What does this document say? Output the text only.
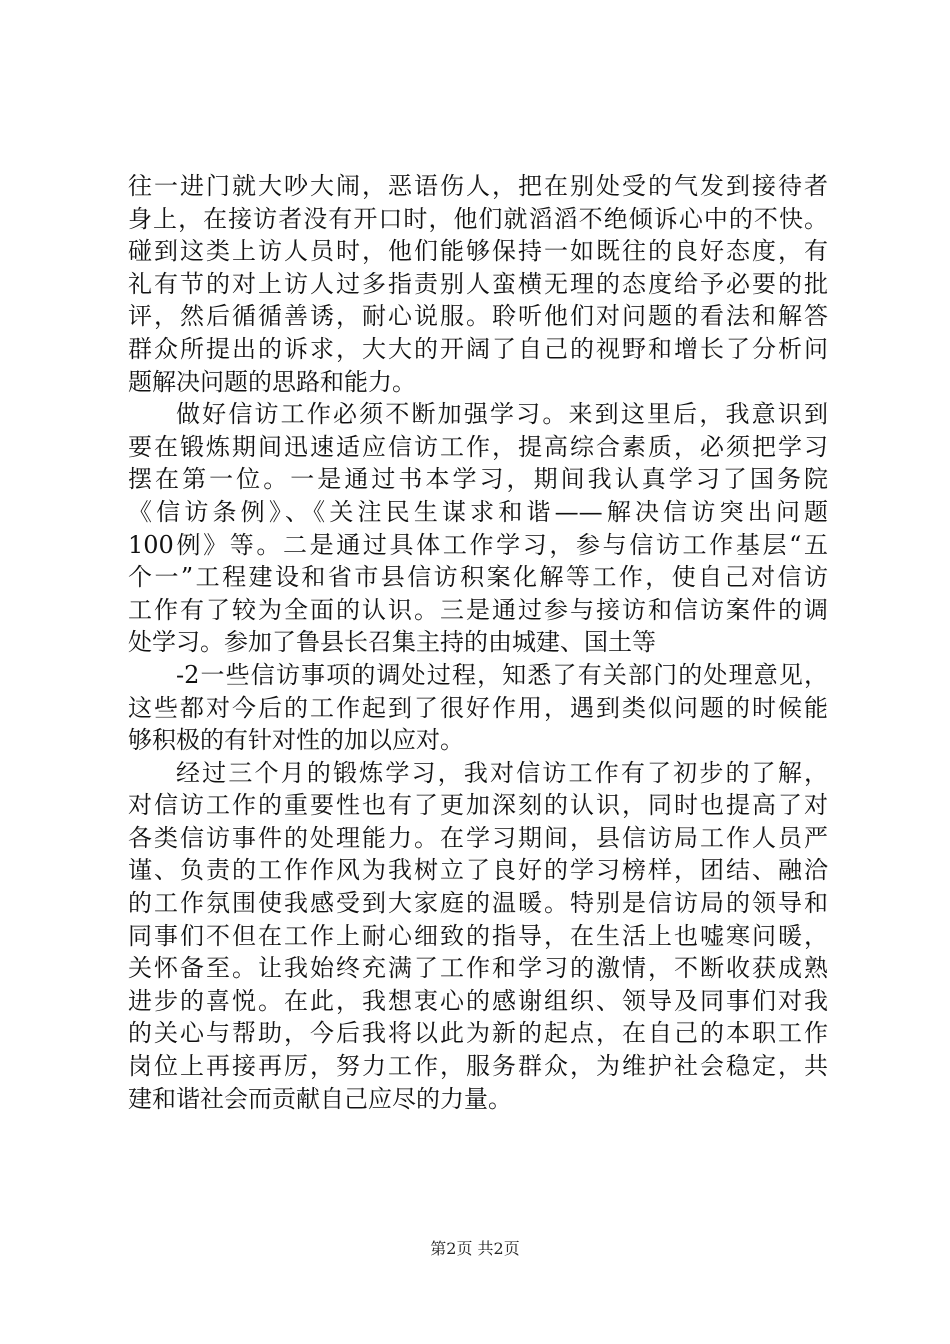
往一进门就大吵大闹，恶语伤人，把在别处受的气发到接待者
身上，在接访者没有开口时，他们就滔滔不绝倾诉心中的不快。
碰到这类上访人员时，他们能够保持一如既往的良好态度，有
礼有节的对上访人过多指责别人蛮横无理的态度给予必要的批
评，然后循循善诱，耐心说服。聆听他们对问题的看法和解答
群众所提出的诉求，大大的开阔了自己的视野和增长了分析问
题解决问题的思路和能力。
做好信访工作必须不断加强学习。来到这里后，我意识到
要在锻炼期间迅速适应信访工作，提高综合素质，必须把学习
摆在第一位。一是通过书本学习，期间我认真学习了国务院
《信访条例》、《关注民生谋求和谐——解决信访突出问题
100例》等。二是通过具体工作学习，参与信访工作基层“五
个一”工程建设和省市县信访积案化解等工作，使自己对信访
工作有了较为全面的认识。三是通过参与接访和信访案件的调
处学习。参加了鲁县长召集主持的由城建、国土等
-2一些信访事项的调处过程，知悉了有关部门的处理意见，
这些都对今后的工作起到了很好作用，遇到类似问题的时候能
够积极的有针对性的加以应对。
经过三个月的锻炼学习，我对信访工作有了初步的了解，
对信访工作的重要性也有了更加深刻的认识，同时也提高了对
各类信访事件的处理能力。在学习期间，县信访局工作人员严
谨、负责的工作作风为我树立了良好的学习榜样，团结、融洽
的工作氛围使我感受到大家庭的温暖。特别是信访局的领导和
同事们不但在工作上耐心细致的指导，在生活上也嘘寒问暖，
关怀备至。让我始终充满了工作和学习的激情，不断收获成熟
进步的喜悦。在此，我想衷心的感谢组织、领导及同事们对我
的关心与帮助，今后我将以此为新的起点，在自己的本职工作
岗位上再接再厉，努力工作，服务群众，为维护社会稳定，共
建和谐社会而贡献自己应尽的力量。
第2页 共2页
